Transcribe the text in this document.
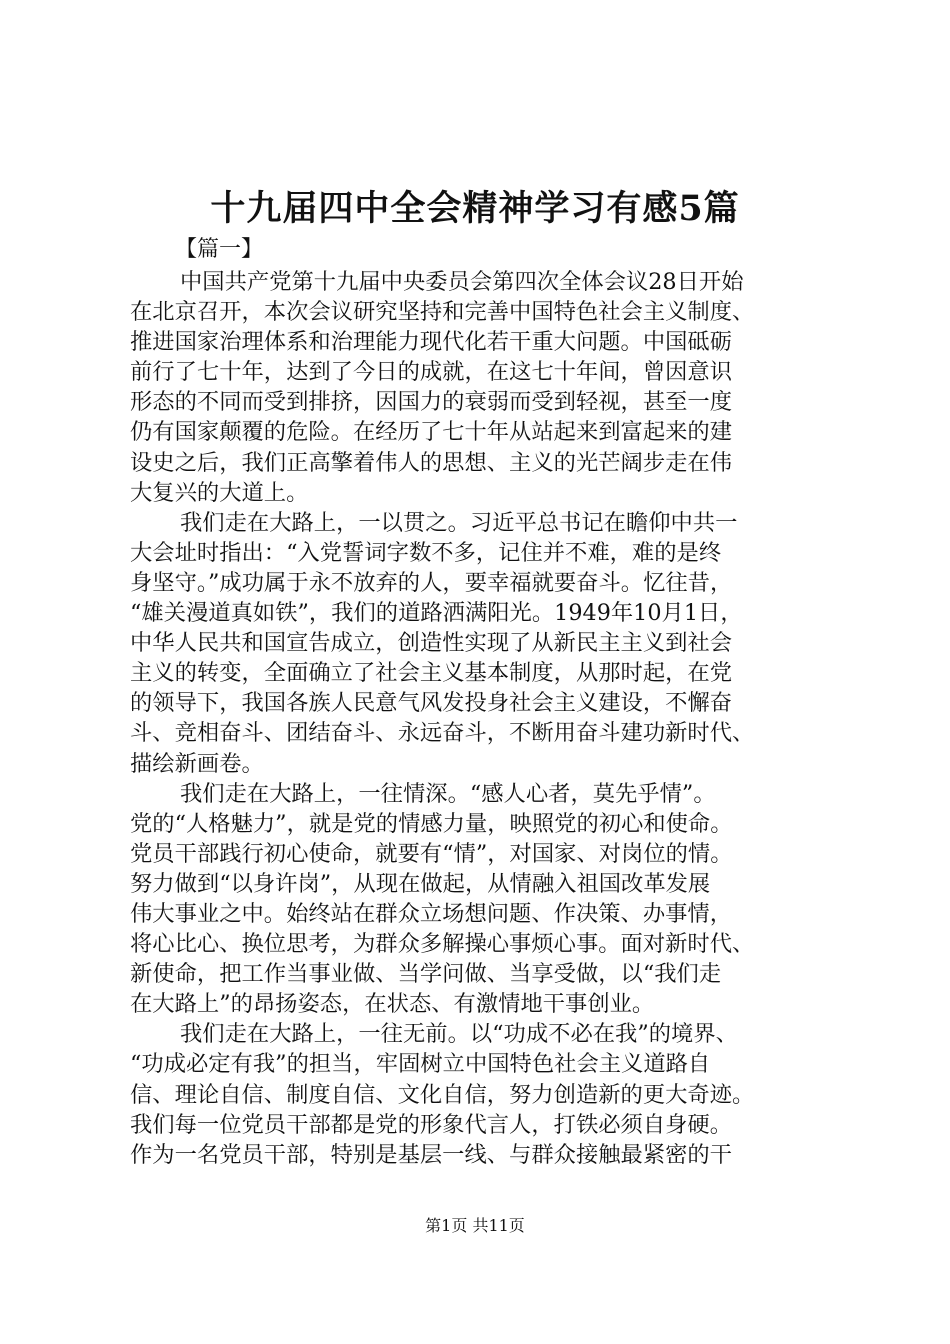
十九届四中全会精神学习有感5篇
【篇一】
中国共产党第十九届中央委员会第四次全体会议28日开始
在北京召开，本次会议研究坚持和完善中国特色社会主义制度、
推进国家治理体系和治理能力现代化若干重大问题。中国砥砺
前行了七十年，达到了今日的成就，在这七十年间，曾因意识
形态的不同而受到排挤，因国力的衰弱而受到轻视，甚至一度
仍有国家颠覆的危险。在经历了七十年从站起来到富起来的建
设史之后，我们正高擎着伟人的思想、主义的光芒阔步走在伟
大复兴的大道上。
我们走在大路上，一以贯之。习近平总书记在瞻仰中共一
大会址时指出：“入党誓词字数不多，记住并不难，难的是终
身坚守。”成功属于永不放弃的人，要幸福就要奋斗。忆往昔，
“雄关漫道真如铁”，我们的道路洒满阳光。1949年10月1日，
中华人民共和国宣告成立，创造性实现了从新民主主义到社会
主义的转变，全面确立了社会主义基本制度，从那时起，在党
的领导下，我国各族人民意气风发投身社会主义建设，不懈奋
斗、竞相奋斗、团结奋斗、永远奋斗，不断用奋斗建功新时代、
描绘新画卷。
我们走在大路上，一往情深。“感人心者，莫先乎情”。
党的“人格魅力”，就是党的情感力量，映照党的初心和使命。
党员干部践行初心使命，就要有“情”，对国家、对岗位的情。
努力做到“以身许岗”，从现在做起，从情融入祖国改革发展
伟大事业之中。始终站在群众立场想问题、作决策、办事情，
将心比心、换位思考，为群众多解操心事烦心事。面对新时代、
新使命，把工作当事业做、当学问做、当享受做，以“我们走
在大路上”的昂扬姿态，在状态、有激情地干事创业。
我们走在大路上，一往无前。以“功成不必在我”的境界、
“功成必定有我”的担当，牢固树立中国特色社会主义道路自
信、理论自信、制度自信、文化自信，努力创造新的更大奇迹。
我们每一位党员干部都是党的形象代言人，打铁必须自身硬。
作为一名党员干部，特别是基层一线、与群众接触最紧密的干
第1页 共11页
